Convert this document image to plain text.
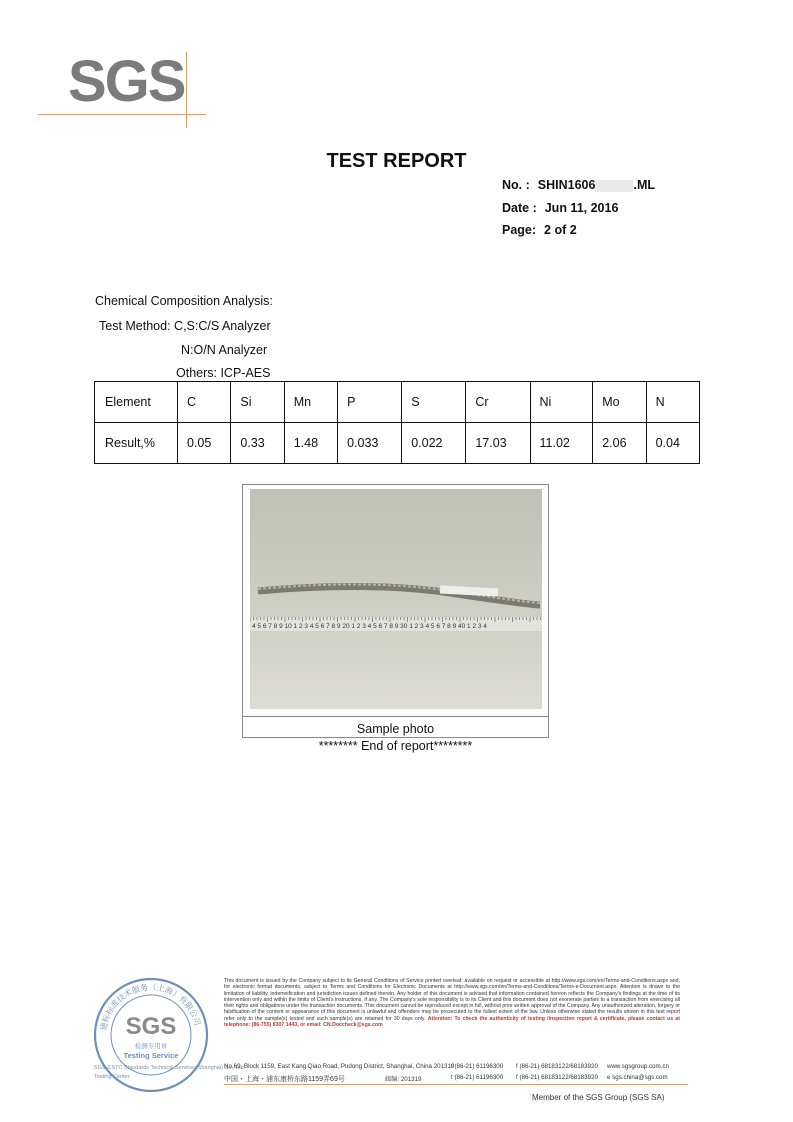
SGS
TEST REPORT
No. : SHIN1606	.ML
Date : Jun 11, 2016
Page: 2 of 2
Chemical Composition Analysis:
Test Method: C,S:C/S Analyzer
N:O/N Analyzer
Others: ICP-AES
Element	C	Si	Mn	P	S	Cr	Ni	Mo	N
Result,%	0.05	0.33	1.48	0.033	0.022	17.03	11.02	2.06	0.04
4 5 6 7 8 9 10 1 2 3 4 5 6 7 8 9 20 1 2 3 4 5 6 7 8 9 30 1 2 3 4 5 6 7 8 9 40 1 2 3 4
Sample photo
******** End of report********
通标标准技术服务（上海）有限公司
SGS
检测专用章
Testing Service
SGS-CSTC Standards Technical Services(Shanghai) Co., Ltd.
Testing Center
This document is issued by the Company subject to its General Conditions of Service printed overleaf, available on request or accessible at http://www.sgs.com/en/Terms-and-Conditions.aspx and, for electronic format documents, subject to Terms and Conditions for Electronic Documents at http://www.sgs.com/en/Terms-and-Conditions/Terms-e-Document.aspx. Attention is drawn to the limitation of liability, indemnification and jurisdiction issues defined therein. Any holder of this document is advised that information contained hereon reflects the Company's findings at the time of its intervention only and within the limits of Client's instructions, if any. The Company's sole responsibility is to its Client and this document does not exonerate parties to a transaction from exercising all their rights and obligations under the transaction documents. This document cannot be reproduced except in full, without prior written approval of the Company. Any unauthorized alteration, forgery or falsification of the content or appearance of this document is unlawful and offenders may be prosecuted to the fullest extent of the law. Unless otherwise stated the results shown in this test report refer only to the sample(s) tested and such sample(s) are retained for 30 days only. Attention: To check the authenticity of testing /inspection report & certificate, please contact us at telephone: (86-755) 8307 1443, or email: CN.Doccheck@sgs.com
No.69, Block 1159, East Kang Qiao Road, Pudong District, Shanghai, China 201319
t (86-21) 61196300 f (86-21) 68183122/68183920 www.sgsgroup.com.cn
中国・上海・浦东康桥东路1159弄69号	邮编: 201319	t (86-21) 61196300 f (86-21) 68183122/68183920 e sgs.china@sgs.com
Member of the SGS Group (SGS SA)
